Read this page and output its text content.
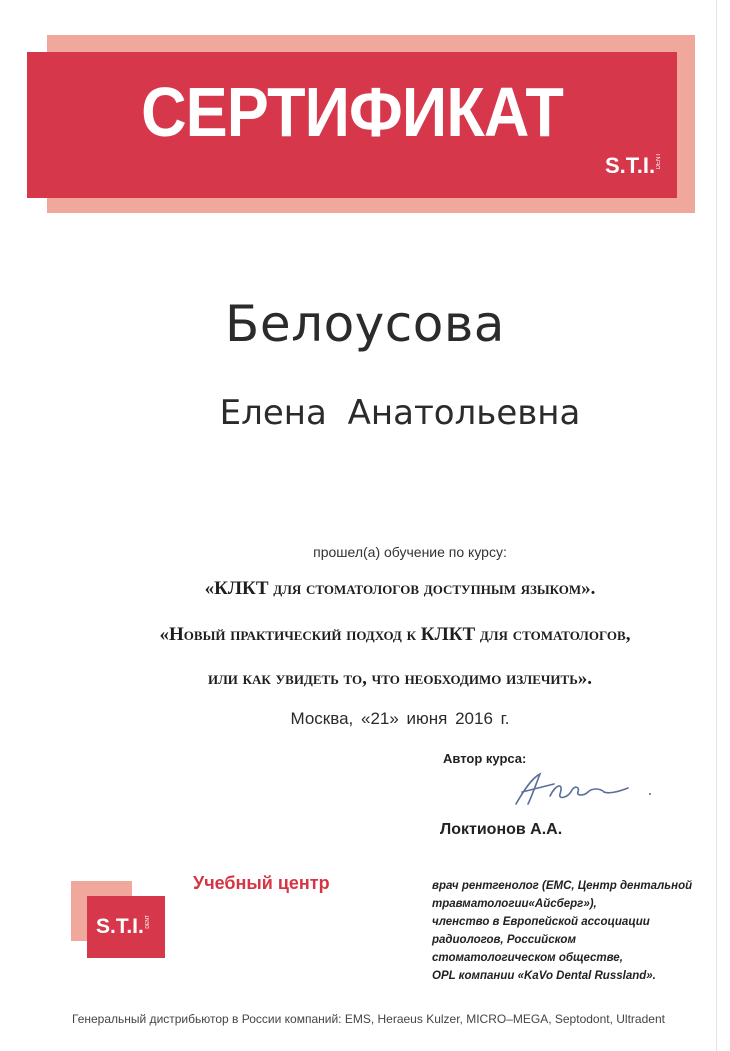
СЕРТИФИКАТ
S.T.I.DENT
Белоусова
Елена Анатольевна
прошел(а) обучение по курсу:
«КЛКТ для стоматологов доступным языком».
«Новый практический подход к КЛКТ для стоматологов,
или как увидеть то, что необходимо излечить».
Москва, «21» июня 2016 г.
Автор курса:
Локтионов А.А.
Учебный центр
S.T.I.DENT
врач рентгенолог (EMC, Центр дентальной
травматологии«Айсберг»),
членство в Европейской ассоциации
радиологов, Российском
стоматологическом обществе,
OPL компании «KaVo Dental Russland».
Генеральный дистрибьютор в России компаний: EMS, Heraeus Kulzer, MICRO–MEGA, Septodont, Ultradent
